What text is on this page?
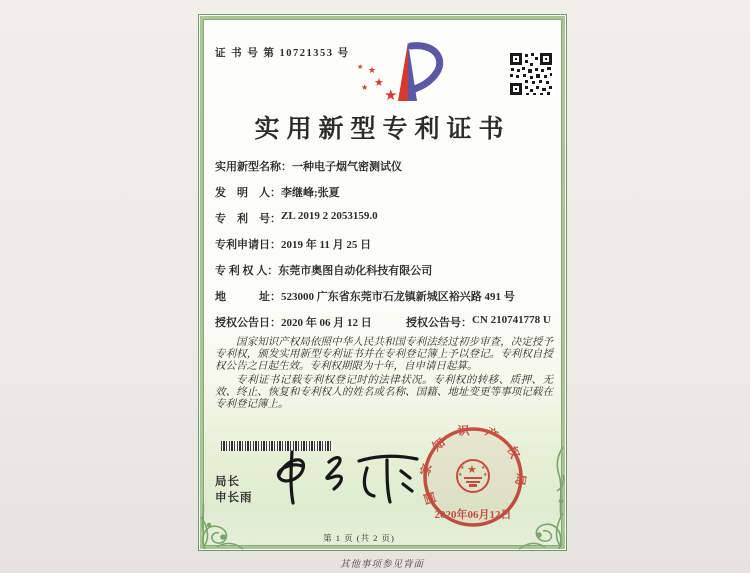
证 书 号 第 10721353 号
★
★
★
★
★
实用新型专利证书
实用新型名称： 一种电子烟气密测试仪
发　明　人： 李继峰;张夏
专　利　号： ZL 2019 2 2053159.0
专利申请日： 2019 年 11 月 25 日
专 利 权 人： 东莞市奥图自动化科技有限公司
地　　　址： 523000 广东省东莞市石龙镇新城区裕兴路 491 号
授权公告日： 2020 年 06 月 12 日	授权公告号： CN 210741778 U

国家知识产权局依照中华人民共和国专利法经过初步审查，决定授予专利权，颁发实用新型专利证书并在专利登记簿上予以登记。专利权自授权公告之日起生效。专利权期限为十年，自申请日起算。

专利证书记载专利权登记时的法律状况。专利权的转移、质押、无效、终止、恢复和专利权人的姓名或名称、国籍、地址变更等事项记载在专利登记簿上。

局长
申长雨	国家知识产权局
★
★	★
★	★
2020年06月12日
第 1 页 (共 2 页)
其他事项参见背面
